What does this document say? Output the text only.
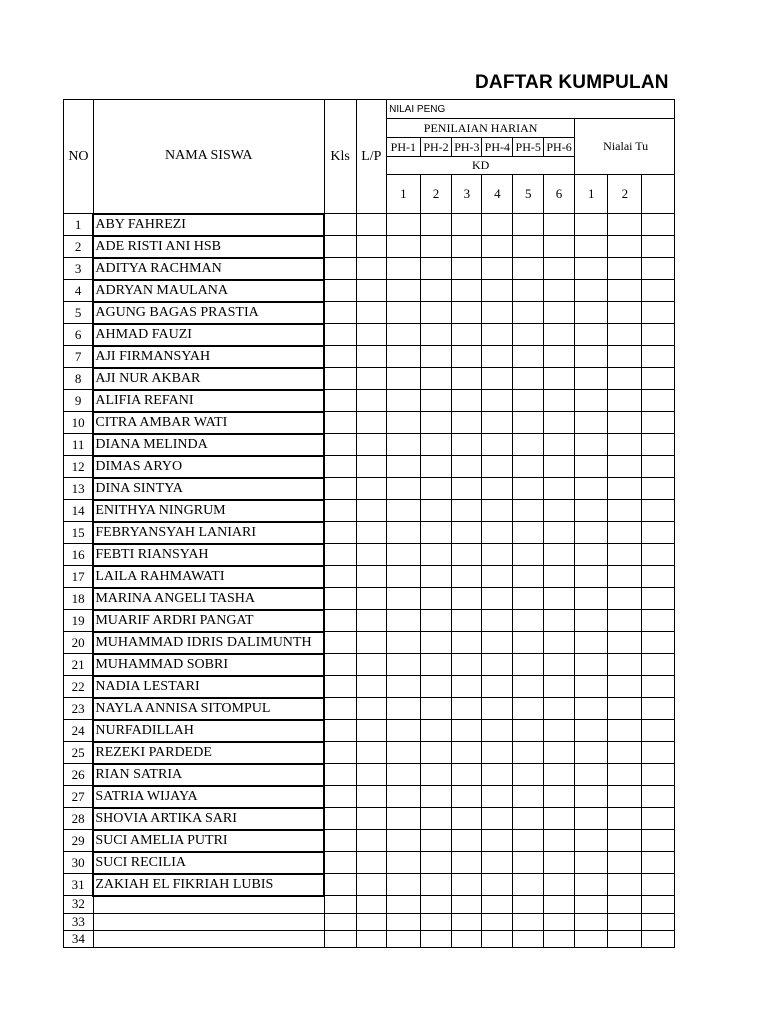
DAFTAR KUMPULAN
NO	NAMA SISWA	Kls	L/P	NILAI PENG								
				PENILAIAN HARIAN						Nialai Tu		
				PH-1	PH-2	PH-3	PH-4	PH-5	PH-6			
				KD								
				1	2	3	4	5	6	1	2	
1	ABY FAHREZI											
2	ADE RISTI ANI HSB											
3	ADITYA RACHMAN											
4	ADRYAN MAULANA											
5	AGUNG BAGAS PRASTIA											
6	AHMAD FAUZI											
7	AJI FIRMANSYAH											
8	AJI NUR AKBAR											
9	ALIFIA REFANI											
10	CITRA AMBAR WATI											
11	DIANA MELINDA											
12	DIMAS ARYO											
13	DINA SINTYA											
14	ENITHYA NINGRUM											
15	FEBRYANSYAH LANIARI											
16	FEBTI RIANSYAH											
17	LAILA RAHMAWATI											
18	MARINA ANGELI TASHA											
19	MUARIF ARDRI PANGAT											
20	MUHAMMAD IDRIS DALIMUNTH											
21	MUHAMMAD SOBRI											
22	NADIA LESTARI											
23	NAYLA ANNISA SITOMPUL											
24	NURFADILLAH											
25	REZEKI PARDEDE											
26	RIAN SATRIA											
27	SATRIA WIJAYA											
28	SHOVIA ARTIKA SARI											
29	SUCI AMELIA PUTRI											
30	SUCI RECILIA											
31	ZAKIAH EL FIKRIAH LUBIS											
32												
33												
34												
